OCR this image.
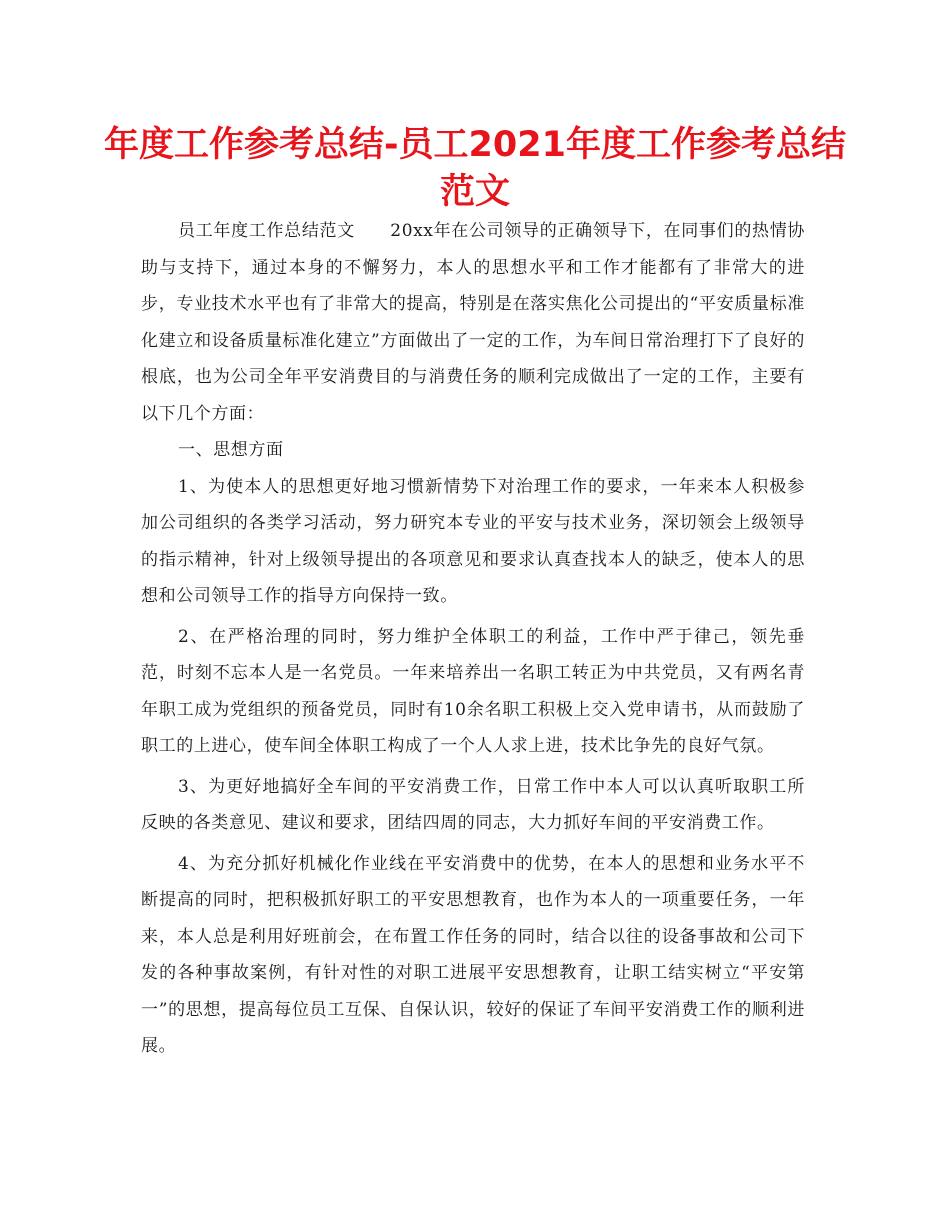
年度工作参考总结-员工2021年度工作参考总结
范文

员工年度工作总结范文　　20xx年在公司领导的正确领导下，在同事们的热情协助与支持下，通过本身的不懈努力，本人的思想水平和工作才能都有了非常大的进步，专业技术水平也有了非常大的提高，特别是在落实焦化公司提出的“平安质量标准化建立和设备质量标准化建立”方面做出了一定的工作，为车间日常治理打下了良好的根底，也为公司全年平安消费目的与消费任务的顺利完成做出了一定的工作，主要有以下几个方面：

一、思想方面

1、为使本人的思想更好地习惯新情势下对治理工作的要求，一年来本人积极参加公司组织的各类学习活动，努力研究本专业的平安与技术业务，深切领会上级领导的指示精神，针对上级领导提出的各项意见和要求认真查找本人的缺乏，使本人的思想和公司领导工作的指导方向保持一致。

2、在严格治理的同时，努力维护全体职工的利益，工作中严于律己，领先垂范，时刻不忘本人是一名党员。一年来培养出一名职工转正为中共党员，又有两名青年职工成为党组织的预备党员，同时有10余名职工积极上交入党申请书，从而鼓励了职工的上进心，使车间全体职工构成了一个人人求上进，技术比争先的良好气氛。

3、为更好地搞好全车间的平安消费工作，日常工作中本人可以认真听取职工所反映的各类意见、建议和要求，团结四周的同志，大力抓好车间的平安消费工作。

4、为充分抓好机械化作业线在平安消费中的优势，在本人的思想和业务水平不断提高的同时，把积极抓好职工的平安思想教育，也作为本人的一项重要任务，一年来，本人总是利用好班前会，在布置工作任务的同时，结合以往的设备事故和公司下发的各种事故案例，有针对性的对职工进展平安思想教育，让职工结实树立“平安第一”的思想，提高每位员工互保、自保认识，较好的保证了车间平安消费工作的顺利进展。
